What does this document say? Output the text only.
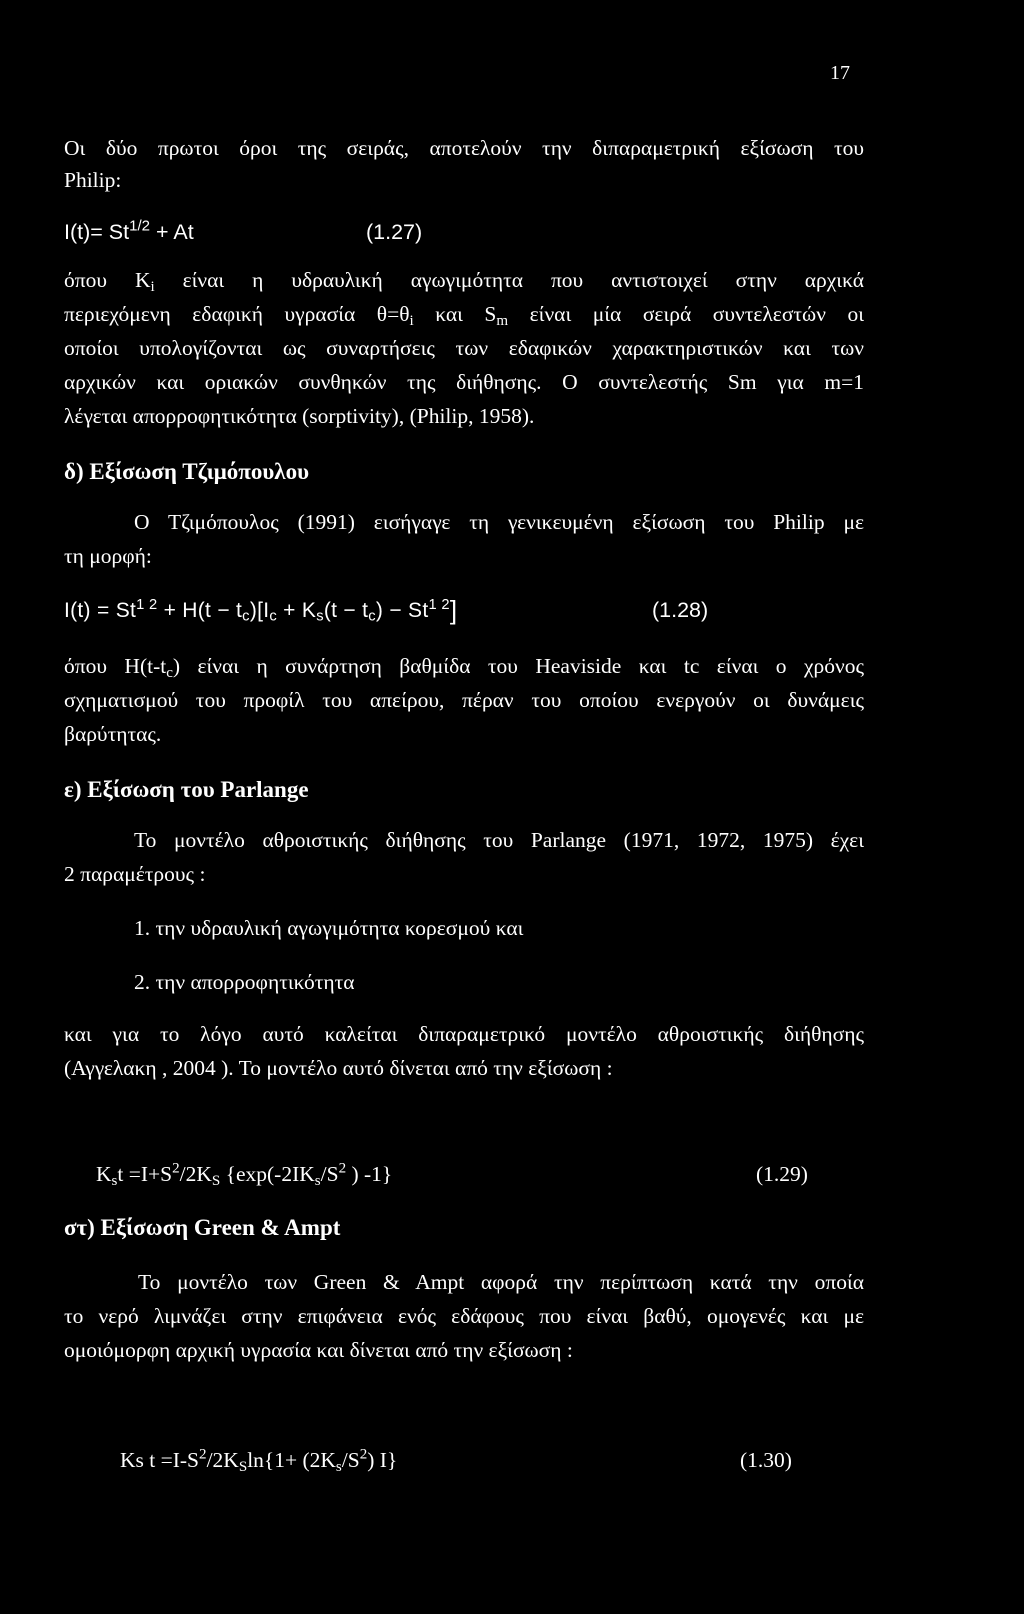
17
Οι δύο πρωτοι όροι της σειράς, αποτελούν την διπαραμετρική εξίσωση του
Philip:
$I(t)= St^{1/2} + At$	(1.27)
όπου $K_i$ είναι η υδραυλική αγωγιμότητα που αντιστοιχεί στην αρχικά
περιεχόμενη εδαφική υγρασία $\theta=\theta_i$ και $S_m$ είναι μία σειρά συντελεστών οι
οποίοι υπολογίζονται ως συναρτήσεις των εδαφικών χαρακτηριστικών και των
αρχικών και οριακών συνθηκών της διήθησης. Ο συντελεστής Sm για m=1
λέγεται απορροφητικότητα (sorptivity), (Philip, 1958).
δ) Εξίσωση Τζιμόπουλου
Ο Τζιμόπουλος (1991) εισήγαγε τη γενικευμένη εξίσωση του Philip με
τη μορφή:
$I(t) = St^{1 2} + H(t - t_c)[I_c + K_s(t - t_c) - St^{1 2}]$	(1.28)
όπου $H(t-t_c)$ είναι η συνάρτηση βαθμίδα του Heaviside και tc είναι ο χρόνος
σχηματισμού του προφίλ του απείρου, πέραν του οποίου ενεργούν οι δυνάμεις
βαρύτητας.
ε) Εξίσωση του Parlange
Το μοντέλο αθροιστικής διήθησης του Parlange (1971, 1972, 1975) έχει
2 παραμέτρους :
1. την υδραυλική αγωγιμότητα κορεσμού και
2. την απορροφητικότητα
και για το λόγο αυτό καλείται διπαραμετρικό μοντέλο αθροιστικής διήθησης
(Αγγελακη , 2004 ). Το μοντέλο αυτό δίνεται από την εξίσωση :
$K_st =I+S^2/2K_S$ {$\exp(-2IK_s/S^2$ ) -1}	(1.29)
στ) Εξίσωση Green & Ampt
Το μοντέλο των Green & Ampt αφορά την περίπτωση κατά την οποία
το νερό λιμνάζει στην επιφάνεια ενός εδάφους που είναι βαθύ, ομογενές και με
ομοιόμορφη αρχική υγρασία και δίνεται από την εξίσωση :
Ks $t =I-S^2/2K_S\ln\{1+ (2K_s/S^2)$ I}	(1.30)
